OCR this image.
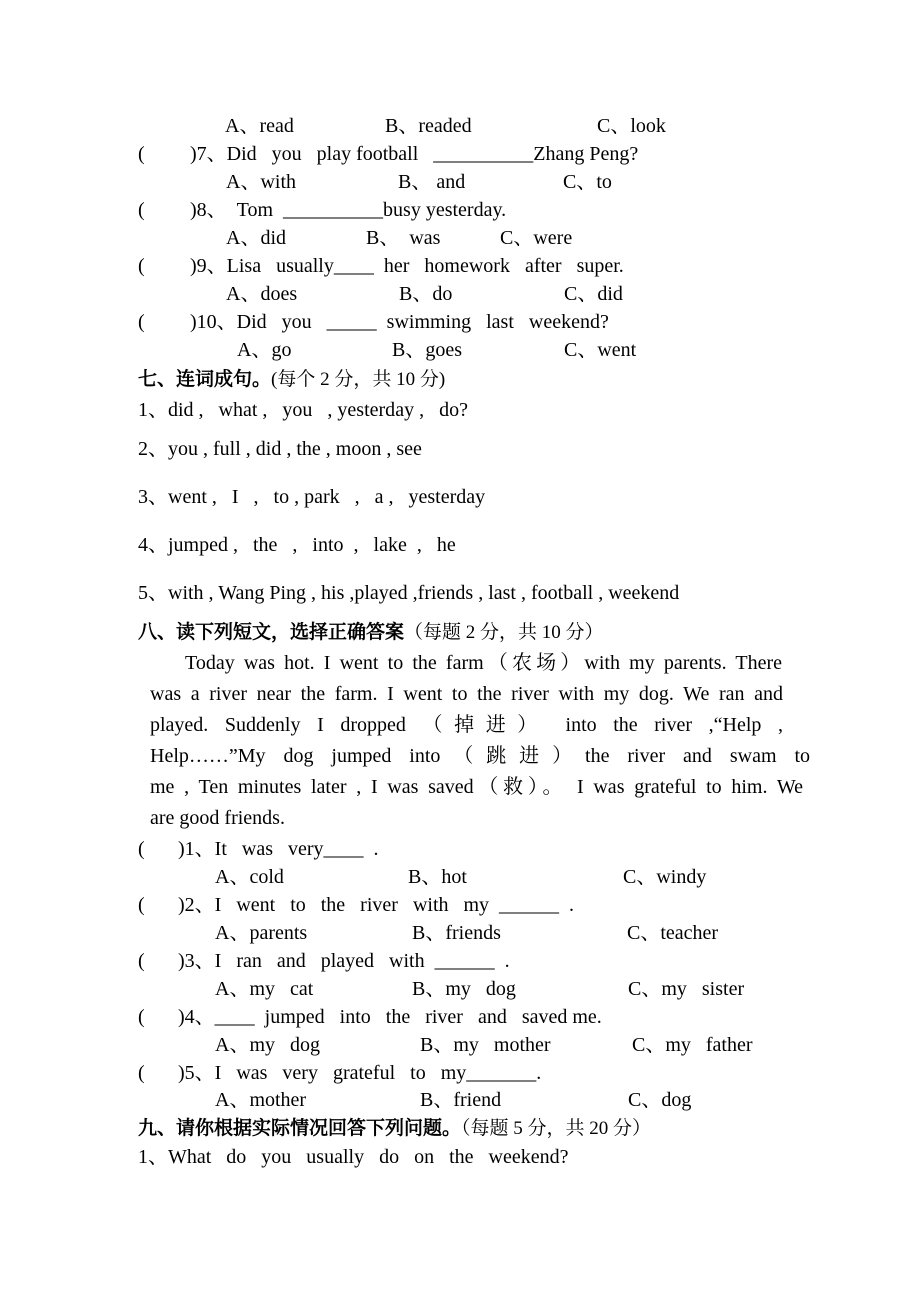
A、read	B、readed	C、look
( )7、Did   you   play football   __________Zhang Peng?
A、with	B、 and	C、to
( )8、  Tom  __________busy yesterday.
A、did	B、  was	C、were
( )9、Lisa   usually____  her   homework   after   super.
A、does	B、do	C、did
( )10、Did   you   _____  swimming   last   weekend?
A、go	B、goes	C、went
七、连词成句。(每个 2 分，共 10 分)
1、did ,   what ,   you   , yesterday ,   do?
2、you , full , did , the , moon , see
3、went ,   I   ,   to , park   ,   a ,   yesterday
4、jumped ,   the   ,   into  ,   lake  ,   he
5、with , Wang Ping , his ,played ,friends , last , football , weekend
八、读下列短文，选择正确答案（每题 2 分，共 10 分）
Today was hot. I went to the farm（农场）with my parents. There
was a river near the farm. I went to the river with my dog. We ran and
played. Suddenly I dropped （掉进） into the river ,“Help ,
Help……”My dog jumped into（跳进）the river and swam to
me , Ten minutes later , I was saved（救）。 I was grateful to him. We
are good friends.
( )1、It   was   very____  .
A、cold	B、hot	C、windy
( )2、I   went   to   the   river   with   my  ______  .
A、parents	B、friends	C、teacher
( )3、I   ran   and   played   with  ______  .
A、my   cat	B、my   dog	C、my   sister
( )4、____  jumped   into   the   river   and   saved me.
A、my   dog	B、my   mother	C、my   father
( )5、I   was   very   grateful   to   my_______.
A、mother	B、friend	C、dog
九、请你根据实际情况回答下列问题。（每题 5 分，共 20 分）
1、What   do   you   usually   do   on   the   weekend?
